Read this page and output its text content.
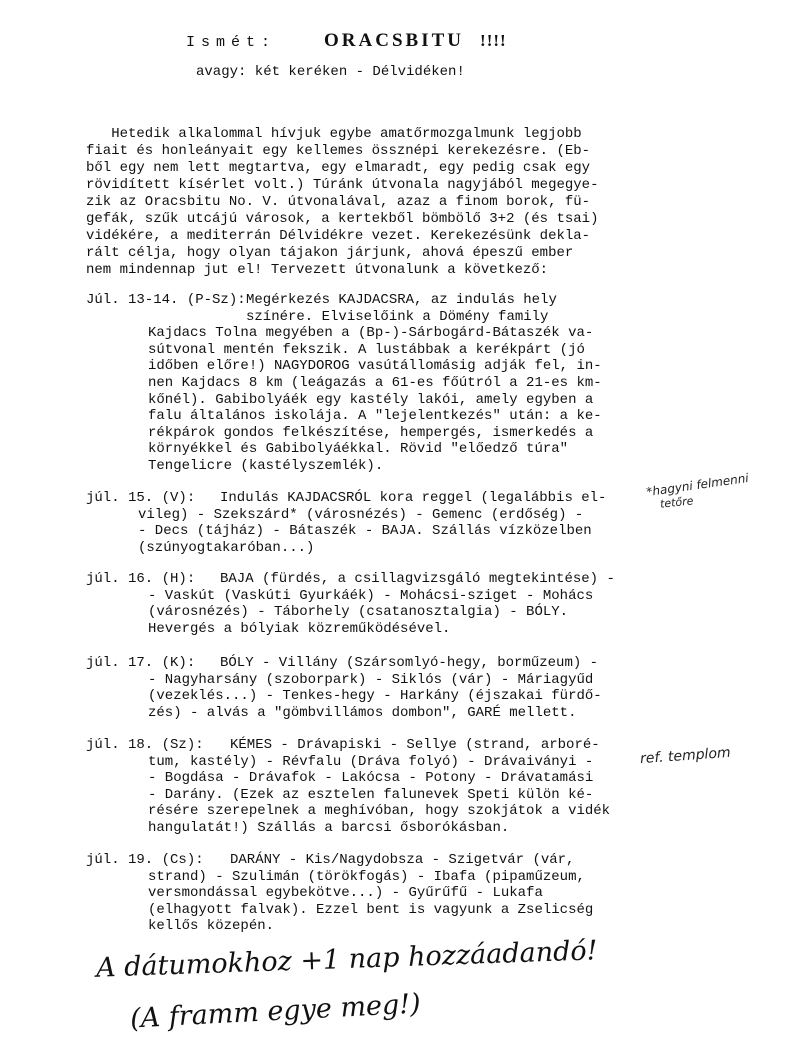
Ismét:	ORACSBITU !!!!
avagy: két keréken - Délvidéken!
Hetedik alkalommal hívjuk egybe amatőrmozgalmunk legjobb
fiait és honleányait egy kellemes össznépi kerekezésre. (Eb-
ből egy nem lett megtartva, egy elmaradt, egy pedig csak egy
rövidített kísérlet volt.) Túránk útvonala nagyjából megegye-
zik az Oracsbitu No. V. útvonalával, azaz a finom borok, fü-
gefák, szűk utcájú városok, a kertekből bömbölő 3+2 (és tsai)
vidékére, a mediterrán Délvidékre vezet. Kerekezésünk dekla-
rált célja, hogy olyan tájakon járjunk, ahová épeszű ember
nem mindennap jut el! Tervezett útvonalunk a következő:
Júl. 13-14. (P-Sz): Megérkezés KAJDACSRA, az indulás hely
színére. Elviselőink a Dömény family
Kajdacs Tolna megyében a (Bp-)-Sárbogárd-Bátaszék va-
sútvonal mentén fekszik. A lustábbak a kerékpárt (jó
időben előre!) NAGYDOROG vasútállomásig adják fel, in-
nen Kajdacs 8 km (leágazás a 61-es főútról a 21-es km-
kőnél). Gabibolyáék egy kastély lakói, amely egyben a
falu általános iskolája. A "lejelentkezés" után: a ke-
rékpárok gondos felkészítése, hempergés, ismerkedés a
környékkel és Gabibolyáékkal. Rövid "előedző túra"
Tengelicre (kastélyszemlék).
júl. 15. (V): Indulás KAJDACSRÓL kora reggel (legalábbis el-
vileg) - Szekszárd* (városnézés) - Gemenc (erdőség) -
- Decs (tájház) - Bátaszék - BAJA. Szállás vízközelben
(szúnyogtakaróban...)
júl. 16. (H): BAJA (fürdés, a csillagvizsgáló megtekintése) -
- Vaskút (Vaskúti Gyurkáék) - Mohácsi-sziget - Mohács
(városnézés) - Táborhely (csatanosztalgia) - BÓLY.
Hevergés a bólyiak közreműködésével.
júl. 17. (K): BÓLY - Villány (Szársomlyó-hegy, borműzeum) -
- Nagyharsány (szoborpark) - Siklós (vár) - Máriagyűd
(vezeklés...) - Tenkes-hegy - Harkány (éjszakai fürdő-
zés) - alvás a "gömbvillámos dombon", GARÉ mellett.
júl. 18. (Sz): KÉMES - Drávapiski - Sellye (strand, arboré-
tum, kastély) - Révfalu (Dráva folyó) - Drávaiványi -
- Bogdása - Drávafok - Lakócsa - Potony - Drávatamási
- Darány. (Ezek az esztelen falunevek Speti külön ké-
résére szerepelnek a meghívóban, hogy szokjátok a vidék
hangulatát!) Szállás a barcsi ősborókásban.
júl. 19. (Cs): DARÁNY - Kis/Nagydobsza - Szigetvár (vár,
strand) - Szulimán (törökfogás) - Ibafa (pipaműzeum,
versmondással egybekötve...) - Gyűrűfű - Lukafa
(elhagyott falvak). Ezzel bent is vagyunk a Zselicség
kellős közepén.
*hagyni felmenni
tetőre
ref. templom
A dátumokhoz +1 nap hozzáadandó!
(A framm egye meg!)
